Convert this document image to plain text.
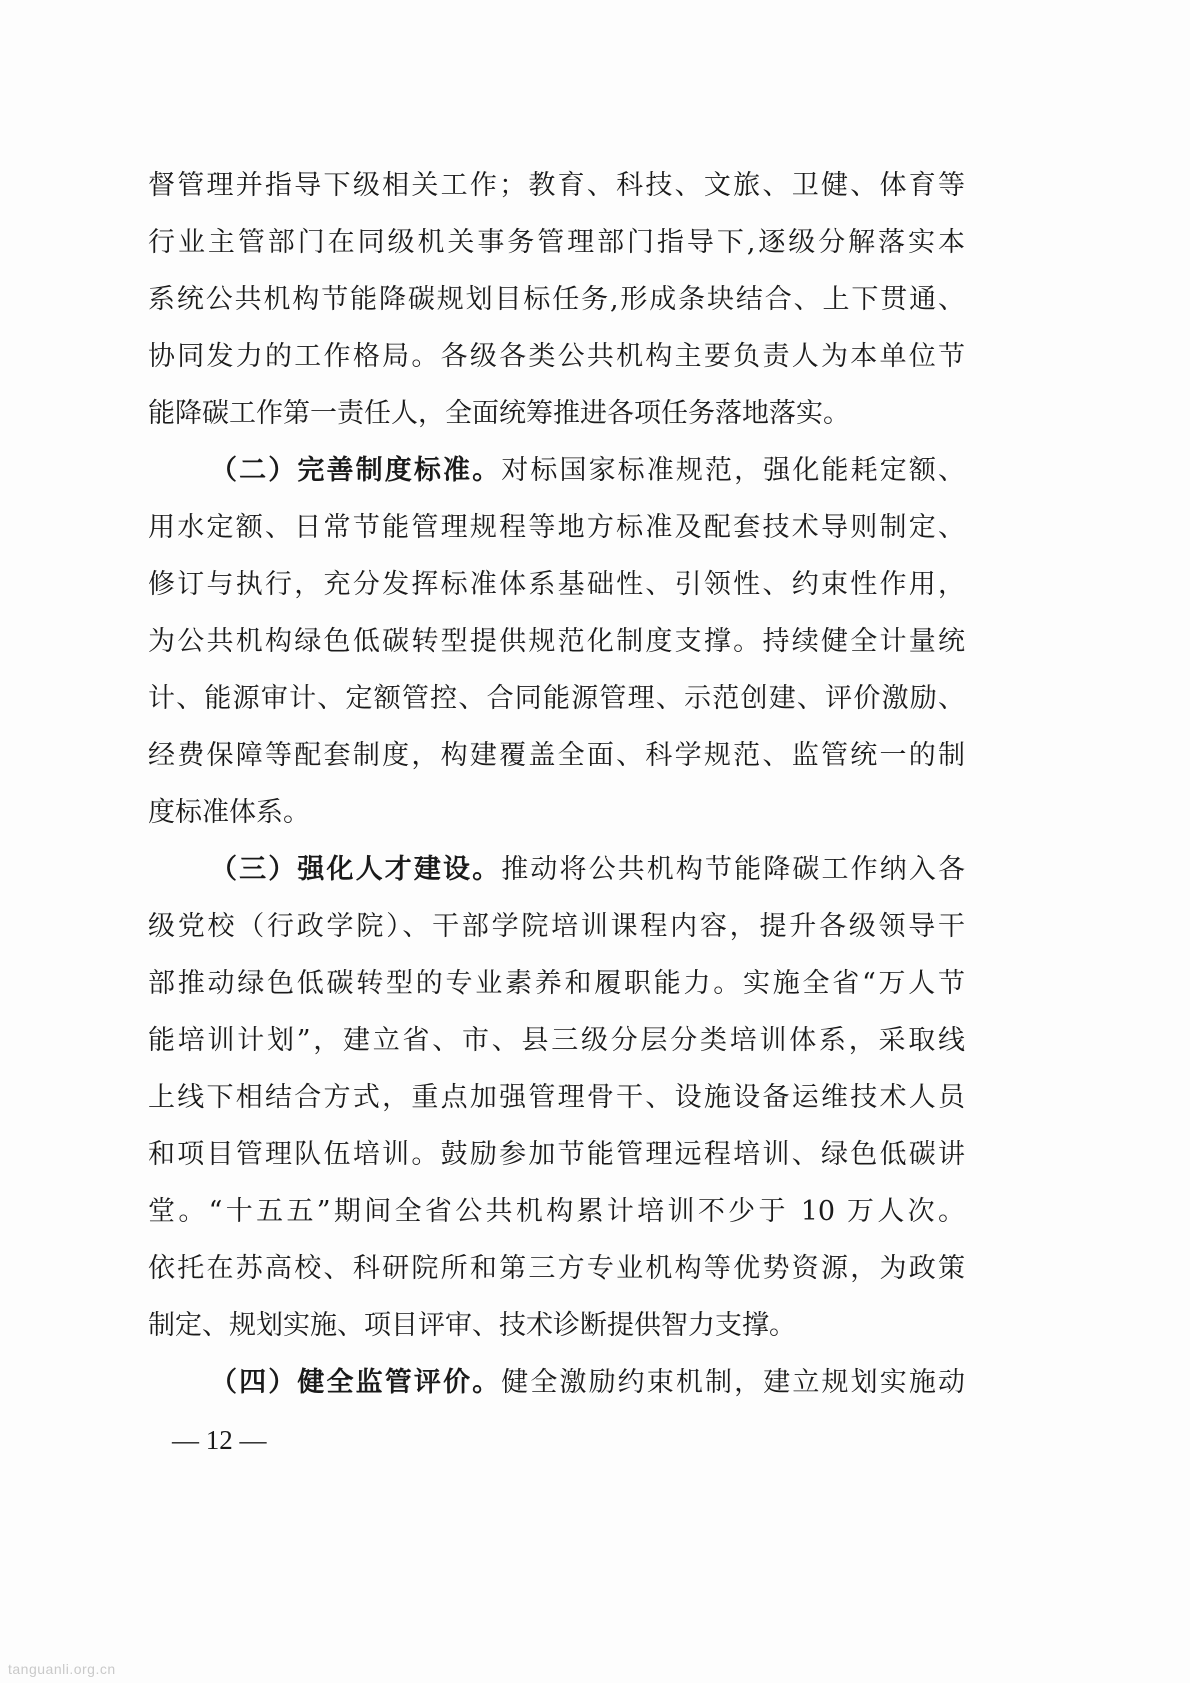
督管理并指导下级相关工作；教育、科技、文旅、卫健、体育等
行业主管部门在同级机关事务管理部门指导下,逐级分解落实本
系统公共机构节能降碳规划目标任务,形成条块结合、上下贯通、
协同发力的工作格局。各级各类公共机构主要负责人为本单位节
能降碳工作第一责任人，全面统筹推进各项任务落地落实。
（二）完善制度标准。对标国家标准规范，强化能耗定额、
用水定额、日常节能管理规程等地方标准及配套技术导则制定、
修订与执行，充分发挥标准体系基础性、引领性、约束性作用，
为公共机构绿色低碳转型提供规范化制度支撑。持续健全计量统
计、能源审计、定额管控、合同能源管理、示范创建、评价激励、
经费保障等配套制度，构建覆盖全面、科学规范、监管统一的制
度标准体系。
（三）强化人才建设。推动将公共机构节能降碳工作纳入各
级党校（行政学院）、干部学院培训课程内容，提升各级领导干
部推动绿色低碳转型的专业素养和履职能力。实施全省“万人节
能培训计划”，建立省、市、县三级分层分类培训体系，采取线
上线下相结合方式，重点加强管理骨干、设施设备运维技术人员
和项目管理队伍培训。鼓励参加节能管理远程培训、绿色低碳讲
堂。“十五五”期间全省公共机构累计培训不少于 10 万人次。
依托在苏高校、科研院所和第三方专业机构等优势资源，为政策
制定、规划实施、项目评审、技术诊断提供智力支撑。
（四）健全监管评价。健全激励约束机制，建立规划实施动
— 12 —
tanguanli.org.cn
